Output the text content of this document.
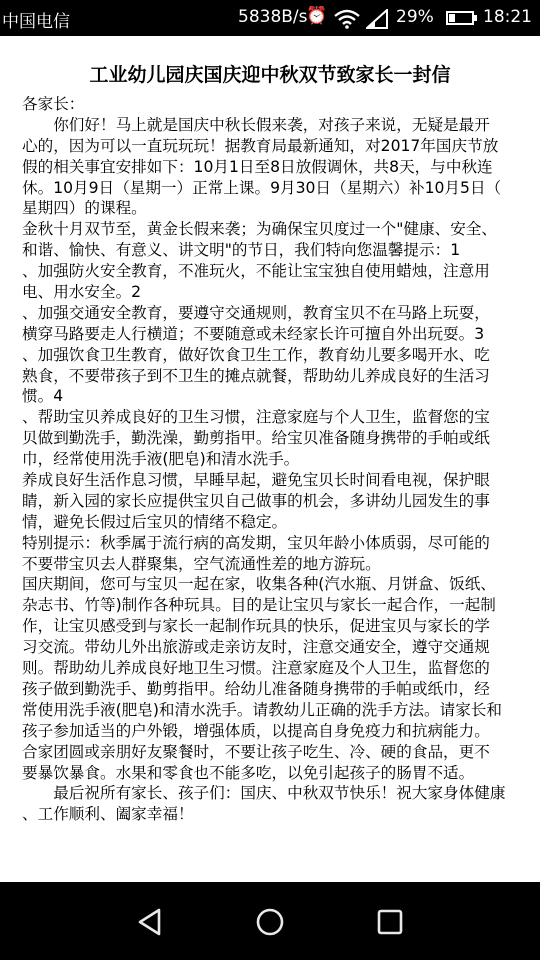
中国电信	5838B/s
⏰	29%	18:21
工业幼儿园庆国庆迎中秋双节致家长一封信
各家长：
　　你们好！马上就是国庆中秋长假来袭，对孩子来说，无疑是最开
心的，因为可以一直玩玩玩！据教育局最新通知，对2017年国庆节放
假的相关事宜安排如下：10月1日至8日放假调休，共8天，与中秋连
休。10月9日（星期一）正常上课。9月30日（星期六）补10月5日（
星期四）的课程。
金秋十月双节至，黄金长假来袭；为确保宝贝度过一个"健康、安全、
和谐、愉快、有意义、讲文明"的节日，我们特向您温馨提示：1
、加强防火安全教育，不准玩火，不能让宝宝独自使用蜡烛，注意用
电、用水安全。2
、加强交通安全教育，要遵守交通规则，教育宝贝不在马路上玩耍，
横穿马路要走人行横道；不要随意或未经家长许可擅自外出玩耍。3
、加强饮食卫生教育，做好饮食卫生工作，教育幼儿要多喝开水、吃
熟食，不要带孩子到不卫生的摊点就餐，帮助幼儿养成良好的生活习
惯。4
、帮助宝贝养成良好的卫生习惯，注意家庭与个人卫生，监督您的宝
贝做到勤洗手，勤洗澡，勤剪指甲。给宝贝准备随身携带的手帕或纸
巾，经常使用洗手液(肥皂)和清水洗手。
养成良好生活作息习惯，早睡早起，避免宝贝长时间看电视，保护眼
睛，新入园的家长应提供宝贝自己做事的机会，多讲幼儿园发生的事
情，避免长假过后宝贝的情绪不稳定。
特别提示：秋季属于流行病的高发期，宝贝年龄小体质弱，尽可能的
不要带宝贝去人群聚集，空气流通性差的地方游玩。
国庆期间，您可与宝贝一起在家，收集各种(汽水瓶、月饼盒、饭纸、
杂志书、竹等)制作各种玩具。目的是让宝贝与家长一起合作，一起制
作，让宝贝感受到与家长一起制作玩具的快乐，促进宝贝与家长的学
习交流。带幼儿外出旅游或走亲访友时，注意交通安全，遵守交通规
则。帮助幼儿养成良好地卫生习惯。注意家庭及个人卫生，监督您的
孩子做到勤洗手、勤剪指甲。给幼儿准备随身携带的手帕或纸巾，经
常使用洗手液(肥皂)和清水洗手。请教幼儿正确的洗手方法。请家长和
孩子参加适当的户外锻，增强体质，以提高自身免疫力和抗病能力。
合家团圆或亲朋好友聚餐时，不要让孩子吃生、冷、硬的食品，更不
要暴饮暴食。水果和零食也不能多吃，以免引起孩子的肠胃不适。
　　最后祝所有家长、孩子们：国庆、中秋双节快乐！祝大家身体健康
、工作顺利、阖家幸福！
